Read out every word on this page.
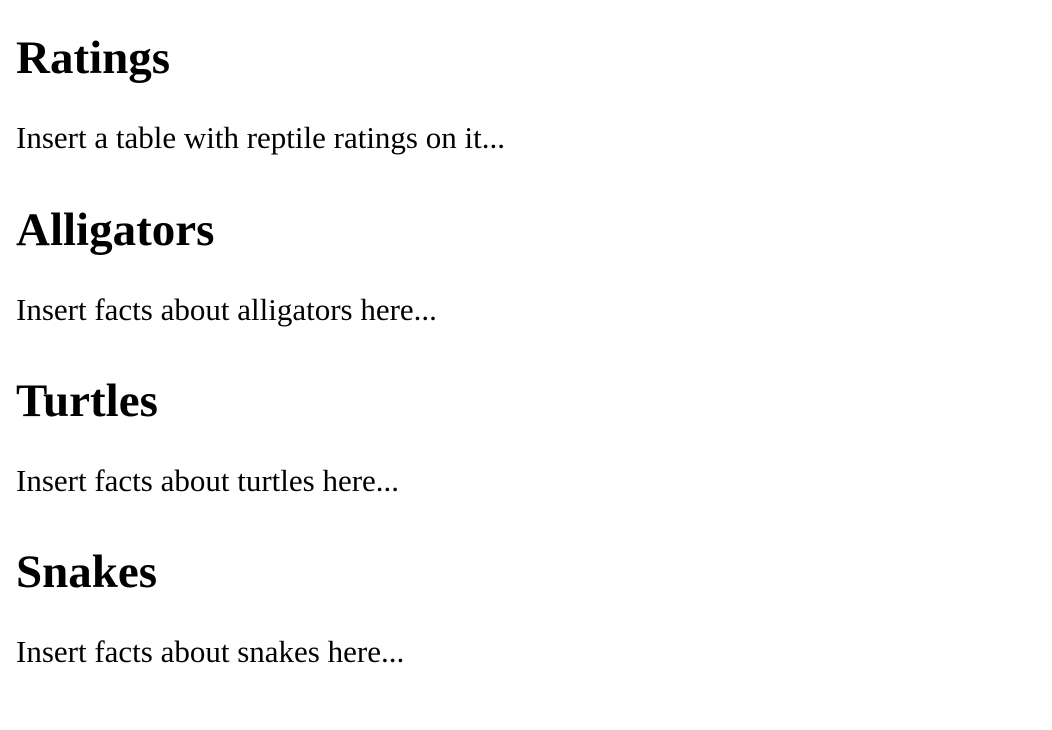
Ratings

Insert a table with reptile ratings on it...

Alligators

Insert facts about alligators here...

Turtles

Insert facts about turtles here...

Snakes

Insert facts about snakes here...
